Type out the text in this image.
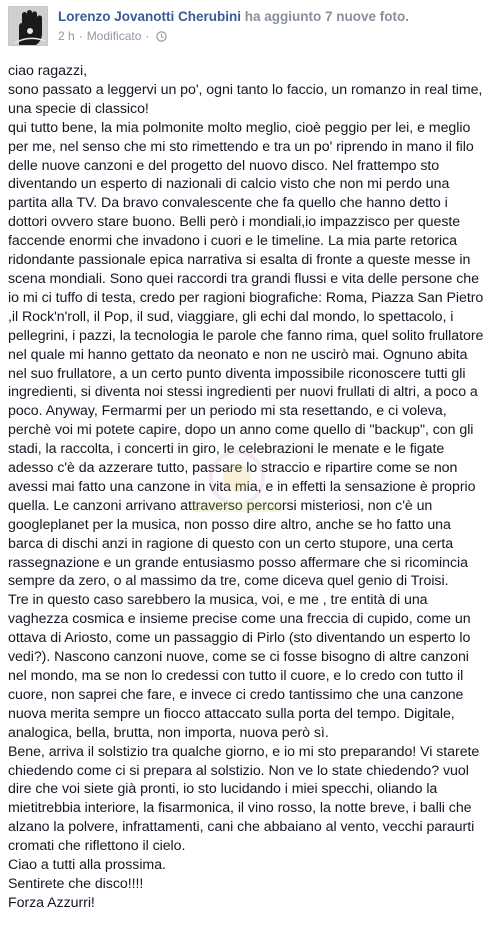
Lorenzo Jovanotti Cherubini ha aggiunto 7 nuove foto.
2 h · Modificato ·

ciao ragazzi,

sono passato a leggervi un po', ogni tanto lo faccio, un romanzo in real time, una specie di classico!

qui tutto bene, la mia polmonite molto meglio, cioè peggio per lei, e meglio per me, nel senso che mi sto rimettendo e tra un po' riprendo in mano il filo delle nuove canzoni e del progetto del nuovo disco. Nel frattempo sto diventando un esperto di nazionali di calcio visto che non mi perdo una partita alla TV. Da bravo convalescente che fa quello che hanno detto i dottori ovvero stare buono. Belli però i mondiali,io impazzisco per queste faccende enormi che invadono i cuori e le timeline. La mia parte retorica ridondante passionale epica narrativa si esalta di fronte a queste messe in scena mondiali. Sono quei raccordi tra grandi flussi e vita delle persone che io mi ci tuffo di testa, credo per ragioni biografiche: Roma, Piazza San Pietro ,il Rock'n'roll, il Pop, il sud, viaggiare, gli echi dal mondo, lo spettacolo, i pellegrini, i pazzi, la tecnologia le parole che fanno rima, quel solito frullatore nel quale mi hanno gettato da neonato e non ne uscirò mai. Ognuno abita nel suo frullatore, a un certo punto diventa impossibile riconoscere tutti gli ingredienti, si diventa noi stessi ingredienti per nuovi frullati di altri, a poco a poco. Anyway, Fermarmi per un periodo mi sta resettando, e ci voleva, perchè voi mi potete capire, dopo un anno come quello di "backup", con gli stadi, la raccolta, i concerti in giro, le celebrazioni le menate e le figate adesso c'è da azzerare tutto, passare lo straccio e ripartire come se non avessi mai fatto una canzone in vita mia, e in effetti la sensazione è proprio quella. Le canzoni arrivano attraverso percorsi misteriosi, non c'è un googleplanet per la musica, non posso dire altro, anche se ho fatto una barca di dischi anzi in ragione di questo con un certo stupore, una certa rassegnazione e un grande entusiasmo posso affermare che si ricomincia sempre da zero, o al massimo da tre, come diceva quel genio di Troisi.

Tre in questo caso sarebbero la musica, voi, e me , tre entità di una vaghezza cosmica e insieme precise come una freccia di cupido, come un ottava di Ariosto, come un passaggio di Pirlo (sto diventando un esperto lo vedi?). Nascono canzoni nuove, come se ci fosse bisogno di altre canzoni nel mondo, ma se non lo credessi con tutto il cuore, e lo credo con tutto il cuore, non saprei che fare, e invece ci credo tantissimo che una canzone nuova merita sempre un fiocco attaccato sulla porta del tempo. Digitale, analogica, bella, brutta, non importa, nuova però sì.

Bene, arriva il solstizio tra qualche giorno, e io mi sto preparando! Vi starete chiedendo come ci si prepara al solstizio. Non ve lo state chiedendo? vuol dire che voi siete già pronti, io sto lucidando i miei specchi, oliando la mietitrebbia interiore, la fisarmonica, il vino rosso, la notte breve, i balli che alzano la polvere, infrattamenti, cani che abbaiano al vento, vecchi paraurti cromati che riflettono il cielo.

Ciao a tutti alla prossima.

Sentirete che disco!!!!

Forza Azzurri!
